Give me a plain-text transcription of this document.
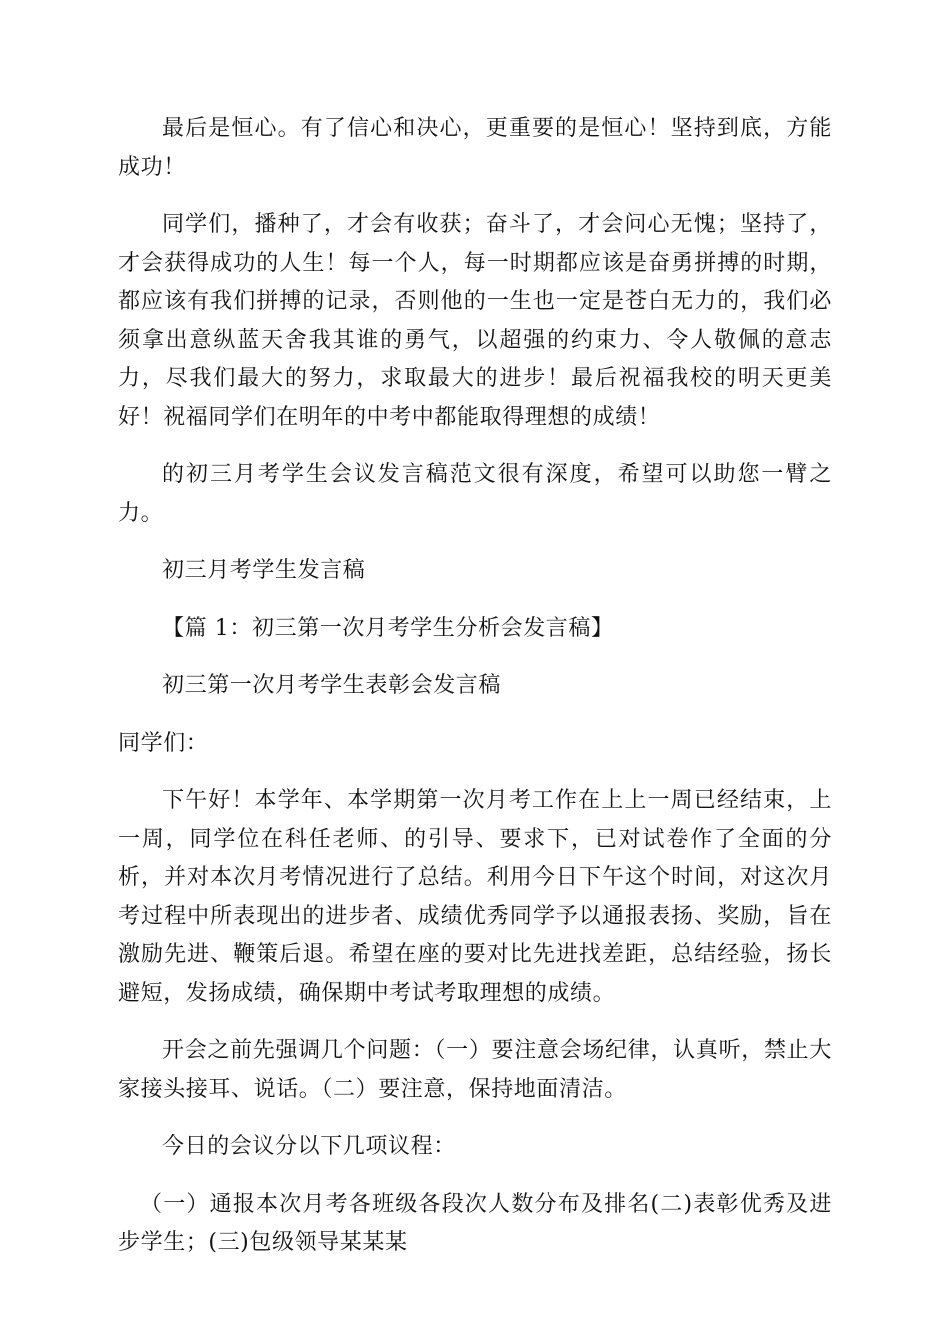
最后是恒心。有了信心和决心，更重要的是恒心！坚持到底，方能成功！

同学们，播种了，才会有收获；奋斗了，才会问心无愧；坚持了，才会获得成功的人生！每一个人，每一时期都应该是奋勇拼搏的时期，都应该有我们拼搏的记录，否则他的一生也一定是苍白无力的，我们必须拿出意纵蓝天舍我其谁的勇气，以超强的约束力、令人敬佩的意志力，尽我们最大的努力，求取最大的进步！最后祝福我校的明天更美好！祝福同学们在明年的中考中都能取得理想的成绩！

的初三月考学生会议发言稿范文很有深度，希望可以助您一臂之力。

初三月考学生发言稿

【篇 1：初三第一次月考学生分析会发言稿】

初三第一次月考学生表彰会发言稿

同学们：

下午好！本学年、本学期第一次月考工作在上上一周已经结束，上一周，同学位在科任老师、的引导、要求下，已对试卷作了全面的分析，并对本次月考情况进行了总结。利用今日下午这个时间，对这次月考过程中所表现出的进步者、成绩优秀同学予以通报表扬、奖励，旨在激励先进、鞭策后退。希望在座的要对比先进找差距，总结经验，扬长避短，发扬成绩，确保期中考试考取理想的成绩。

开会之前先强调几个问题：（一）要注意会场纪律，认真听，禁止大家接头接耳、说话。（二）要注意，保持地面清洁。

今日的会议分以下几项议程：

（一）通报本次月考各班级各段次人数分布及排名(二)表彰优秀及进步学生；(三)包级领导某某某
